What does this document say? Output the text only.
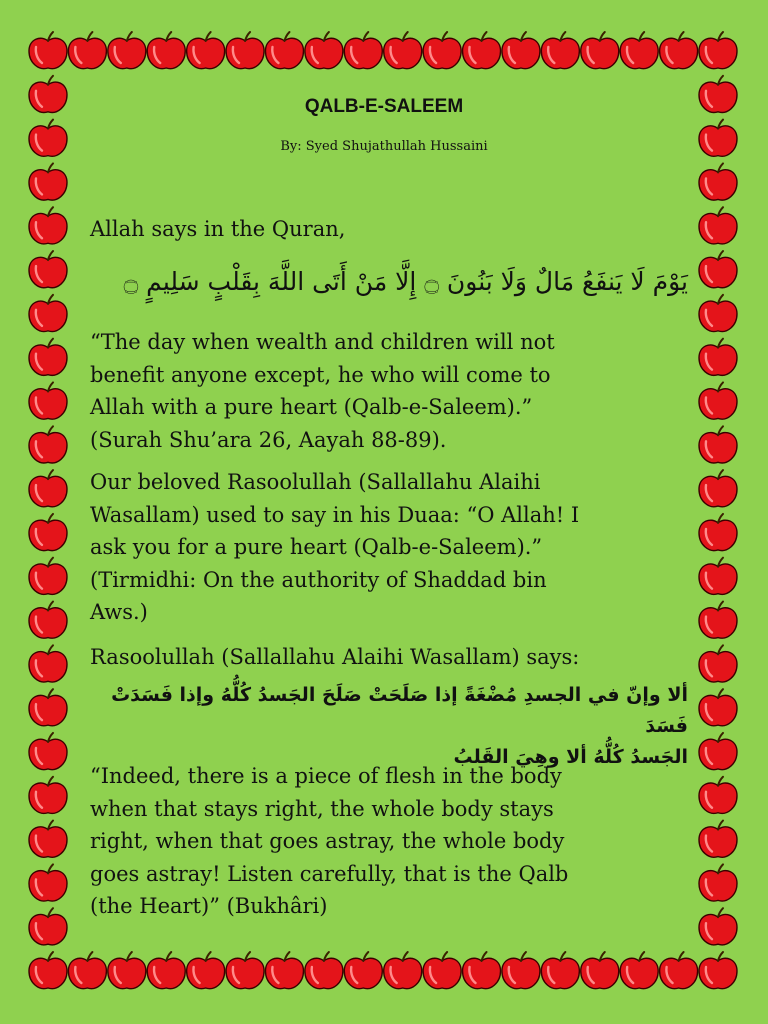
QALB-E-SALEEM
By: Syed Shujathullah Hussaini
Allah says in the Quran,
يَوْمَ لَا يَنفَعُ مَالٌ وَلَا بَنُونَ ۝ إِلَّا مَنْ أَتَى اللَّهَ بِقَلْبٍ سَلِيمٍ ۝
“The day when wealth and children will not
benefit anyone except, he who will come to
Allah with a pure heart (Qalb-e-Saleem).”
(Surah Shu’ara 26, Aayah 88-89).
Our beloved Rasoolullah (Sallallahu Alaihi
Wasallam) used to say in his Duaa: “O Allah! I
ask you for a pure heart (Qalb-e-Saleem).”
(Tirmidhi: On the authority of Shaddad bin
Aws.)
Rasoolullah (Sallallahu Alaihi Wasallam) says:
ألا وإنّ في الجسدِ مُضْغَةً إذا صَلَحَتْ صَلَحَ الجَسدُ كُلُّهُ وإذا فَسَدَتْ فَسَدَ
الجَسدُ كُلُّهُ ألا وهِيَ القَلبُ
“Indeed, there is a piece of flesh in the body
when that stays right, the whole body stays
right, when that goes astray, the whole body
goes astray! Listen carefully, that is the Qalb
(the Heart)” (Bukhâri)
